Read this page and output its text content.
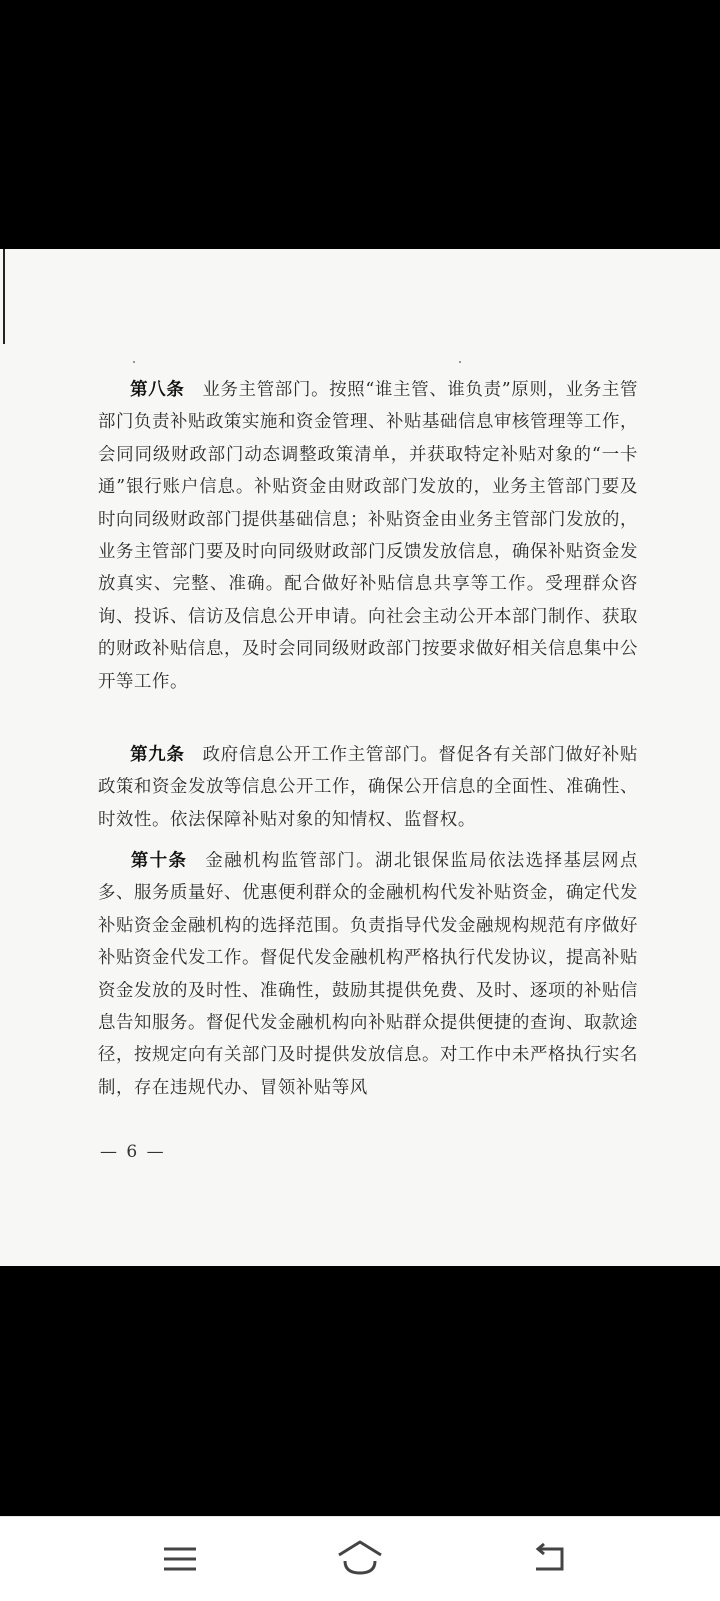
第八条 业务主管部门。按照“谁主管、谁负责”原则，业务主管部门负责补贴政策实施和资金管理、补贴基础信息审核管理等工作，会同同级财政部门动态调整政策清单，并获取特定补贴对象的“一卡通”银行账户信息。补贴资金由财政部门发放的，业务主管部门要及时向同级财政部门提供基础信息；补贴资金由业务主管部门发放的，业务主管部门要及时向同级财政部门反馈发放信息，确保补贴资金发放真实、完整、准确。配合做好补贴信息共享等工作。受理群众咨询、投诉、信访及信息公开申请。向社会主动公开本部门制作、获取的财政补贴信息，及时会同同级财政部门按要求做好相关信息集中公开等工作。
第九条 政府信息公开工作主管部门。督促各有关部门做好补贴政策和资金发放等信息公开工作，确保公开信息的全面性、准确性、时效性。依法保障补贴对象的知情权、监督权。
第十条 金融机构监管部门。湖北银保监局依法选择基层网点多、服务质量好、优惠便利群众的金融机构代发补贴资金，确定代发补贴资金金融机构的选择范围。负责指导代发金融规构规范有序做好补贴资金代发工作。督促代发金融机构严格执行代发协议，提高补贴资金发放的及时性、准确性，鼓励其提供免费、及时、逐项的补贴信息告知服务。督促代发金融机构向补贴群众提供便捷的查询、取款途径，按规定向有关部门及时提供发放信息。对工作中未严格执行实名制，存在违规代办、冒领补贴等风
— 6 —
